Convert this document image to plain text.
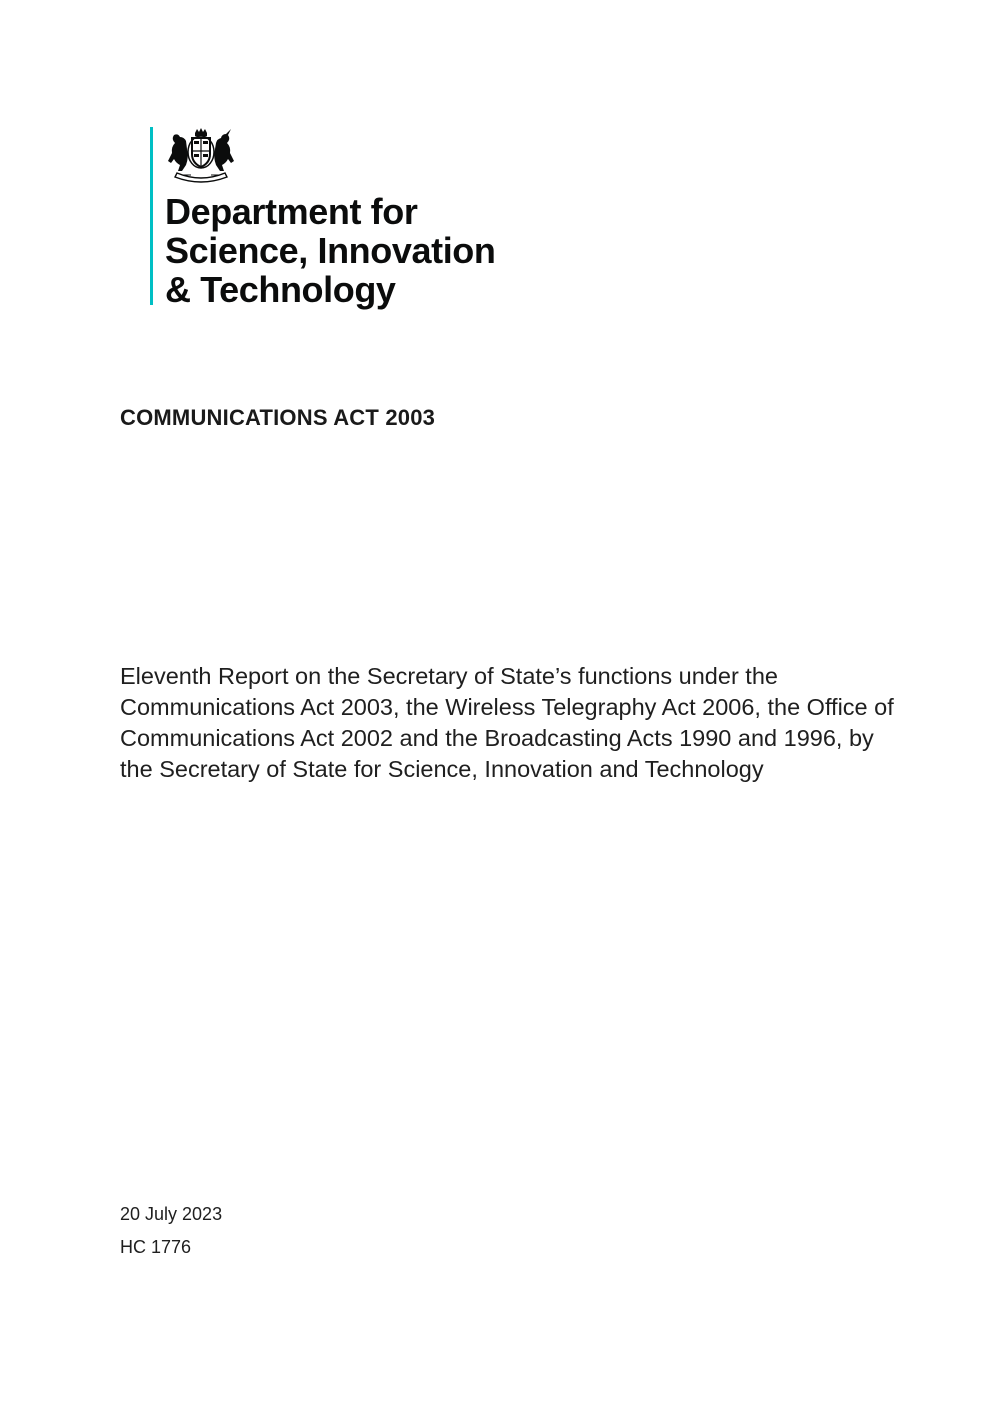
Department for
Science, Innovation
& Technology
COMMUNICATIONS ACT 2003

Eleventh Report on the Secretary of State’s functions under the Communications Act 2003, the Wireless Telegraphy Act 2006, the Office of Communications Act 2002 and the Broadcasting Acts 1990 and 1996, by the Secretary of State for Science, Innovation and Technology

20 July 2023
HC 1776
